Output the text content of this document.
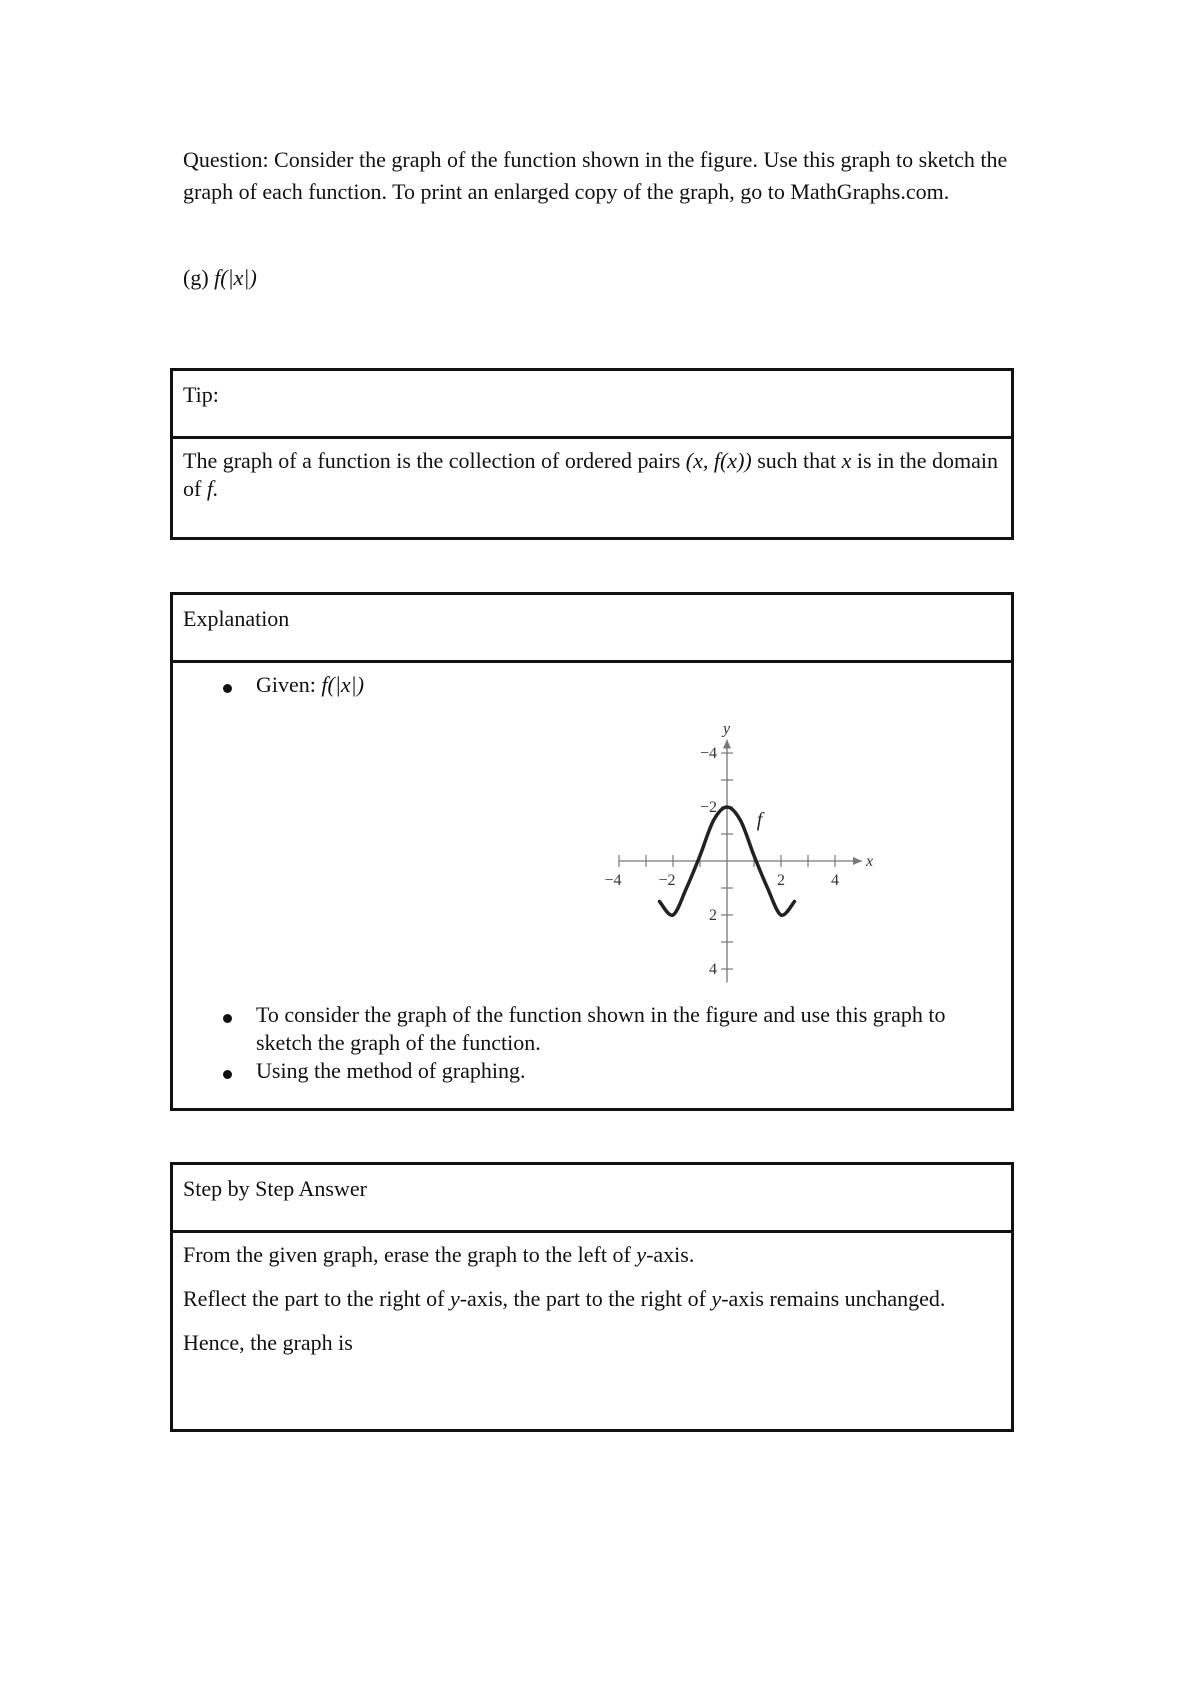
Question: Consider the graph of the function shown in the figure. Use this graph to sketch the graph of each function. To print an enlarged copy of the graph, go to MathGraphs.com.

(g) f(|x|)
Tip:

The graph of a function is the collection of ordered pairs (x, f(x)) such that x is in the domain of f.

Explanation
Given: f(|x|)
−4 −2	2	4
4
2
−2
−4
x
y
f
To consider the graph of the function shown in the figure and use this graph to sketch the graph of the function.
Using the method of graphing.
Step by Step Answer

From the given graph, erase the graph to the left of y-axis.

Reflect the part to the right of y-axis, the part to the right of y-axis remains unchanged.

Hence, the graph is
